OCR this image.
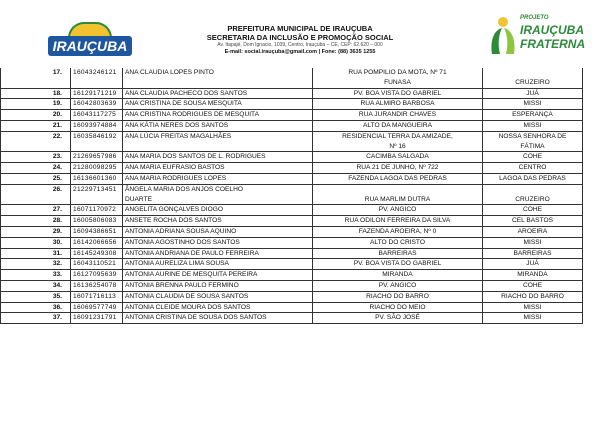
IRAUÇUBA
PREFEITURA MUNICIPAL DE IRAUÇUBA
SECRETARIA DA INCLUSÃO E PROMOÇÃO SOCIAL
Av. Itapajé, Dom Ignacio, 1039, Centro, Irauçuba – CE, CEP: 62.620 – 000
E-mail: social.irauçuba@gmail.com | Fone: (88) 3635 1255
PROJETO
IRAUÇUBA
FRATERNA
17.	16043246121	ANA CLAUDIA LOPES PINTO	RUA POMPILIO DA MOTA, Nº 71	
			FUNASA	CRUZEIRO
18.	16129171219	ANA CLAUDIA PACHECO DOS SANTOS	PV. BOA VISTA DO GABRIEL	JUÁ
19.	16042803639	ANA CRISTINA DE SOUSA MESQUITA	RUA ALMIRO BARBOSA	MISSI
20.	16043117275	ANA CRISTINA RODRIGUES DE MESQUITA	RUA JURANDIR CHAVES	ESPERANÇA
21.	16093974884	ANA KÁTIA NERES DOS SANTOS	ALTO DA MANGUEIRA	MISSI
22.	16035846192	ANA LÚCIA FREITAS MAGALHÃES	RESIDENCIAL TERRA DA AMIZADE,	NOSSA SENHORA DE
			Nº 16	FÁTIMA
23.	21269657986	ANA MARIA DOS SANTOS DE L. RODRIGUES	CACIMBA SALGADA	COHE
24.	21280098295	ANA MARIA EUFRASIO BASTOS	RUA 21 DE JUNHO, Nº 722	CENTRO
25.	16136601360	ANA MARIA RODRIGUES LOPES	FAZENDA LAGOA DAS PEDRAS	LAGOA DAS PEDRAS
26.	21229713451	ÂNGELA MARIA DOS ANJOS COELHO		
		DUARTE	RUA MARLIM DUTRA	CRUZEIRO
27.	16071170972	ANGELITA GONÇALVES DIOGO	PV. ANGICO	COHE
28.	16005806083	ANSETE ROCHA DOS SANTOS	RUA ODILON FERREIRA DA SILVA	CEL BASTOS
29.	16094386651	ANTONIA ADRIANA SOUSA AQUINO	FAZENDA AROEIRA, Nº 0	AROEIRA
30.	16142066656	ANTONIA AGOSTINHO DOS SANTOS	ALTO DO CRISTO	MISSI
31.	16145249308	ANTONIA ANDRIANA DE PAULO FERREIRA	BARREIRAS	BARREIRAS
32.	16043110521	ANTONIA AURELIZA LIMA SOUSA	PV. BOA VISTA DO GABRIEL	JUÁ
33.	16127095639	ANTONIA AURINE DE MESQUITA PEREIRA	MIRANDA	MIRANDA
34.	16136254078	ANTONIA BRENNA PAULO FERMINO	PV. ANGICO	COHE
35.	16071716113	ANTONIA CLAUDIA DE SOUSA SANTOS	RIACHO DO BARRO	RIACHO DO BARRO
36.	16069577749	ANTONIA CLEIDE MOURA DOS SANTOS	RIACHO DO MEIO	MISSI
37.	16091231791	ANTONIA CRISTINA DE SOUSA DOS SANTOS	PV. SÃO JOSÉ	MISSI
